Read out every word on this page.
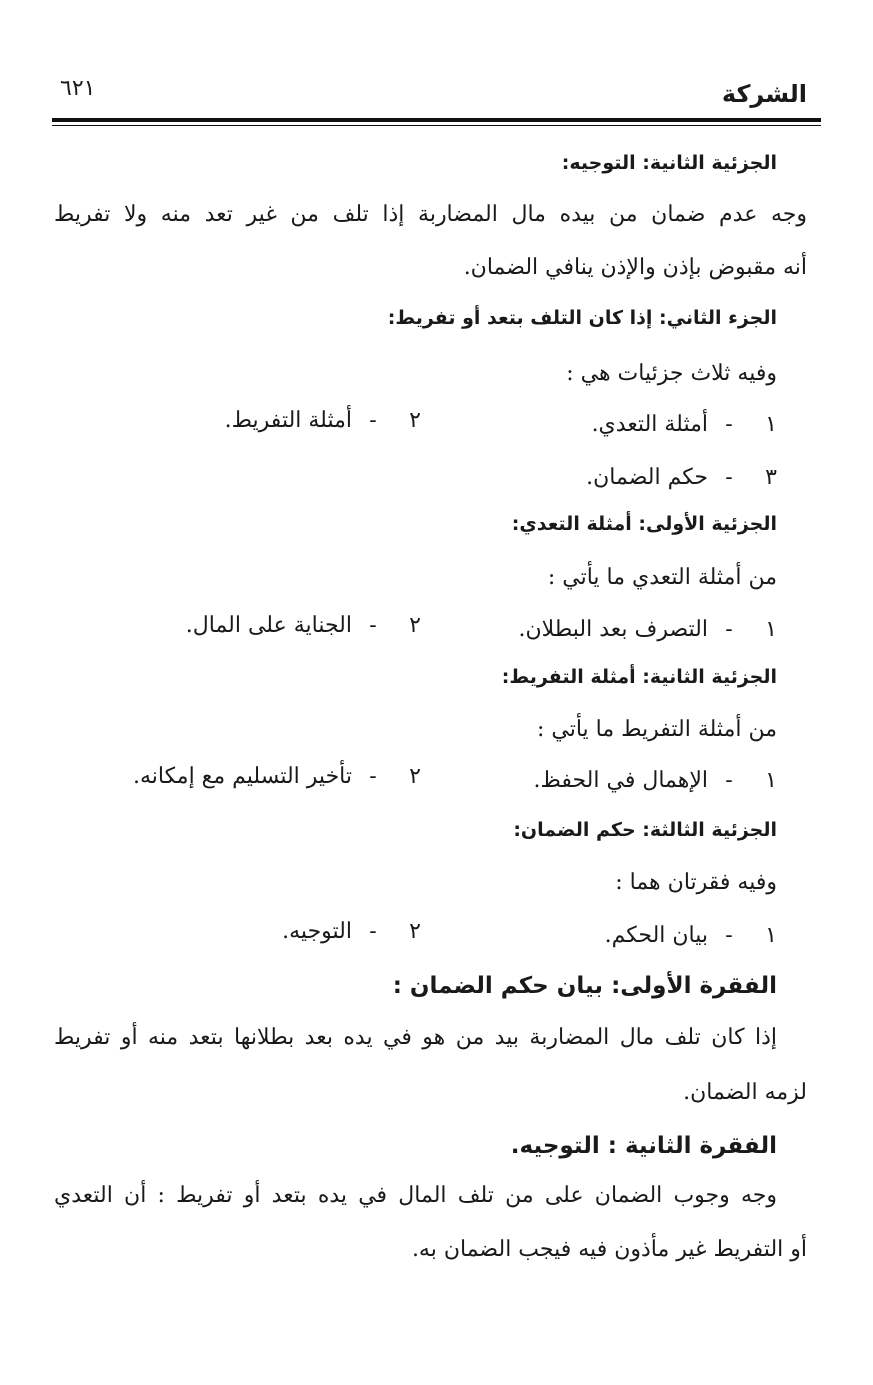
الشركة
٦٢١
الجزئية الثانية: التوجيه:
وجه عدم ضمان من بيده مال المضاربة إذا تلف من غير تعد منه ولا تفريط
أنه مقبوض بإذن والإذن ينافي الضمان.
الجزء الثاني: إذا كان التلف بتعد أو تفريط:
وفيه ثلاث جزئيات هي :
١- أمثلة التعدي.
٢- أمثلة التفريط.
٣- حكم الضمان.
الجزئية الأولى: أمثلة التعدي:
من أمثلة التعدي ما يأتي :
١- التصرف بعد البطلان.
٢- الجناية على المال.
الجزئية الثانية: أمثلة التفريط:
من أمثلة التفريط ما يأتي :
١- الإهمال في الحفظ.
٢- تأخير التسليم مع إمكانه.
الجزئية الثالثة: حكم الضمان:
وفيه فقرتان هما :
١- بيان الحكم.
٢- التوجيه.
الفقرة الأولى: بيان حكم الضمان :
إذا كان تلف مال المضاربة بيد من هو في يده بعد بطلانها بتعد منه أو تفريط
لزمه الضمان.
الفقرة الثانية : التوجيه.
وجه وجوب الضمان على من تلف المال في يده بتعد أو تفريط : أن التعدي
أو التفريط غير مأذون فيه فيجب الضمان به.
